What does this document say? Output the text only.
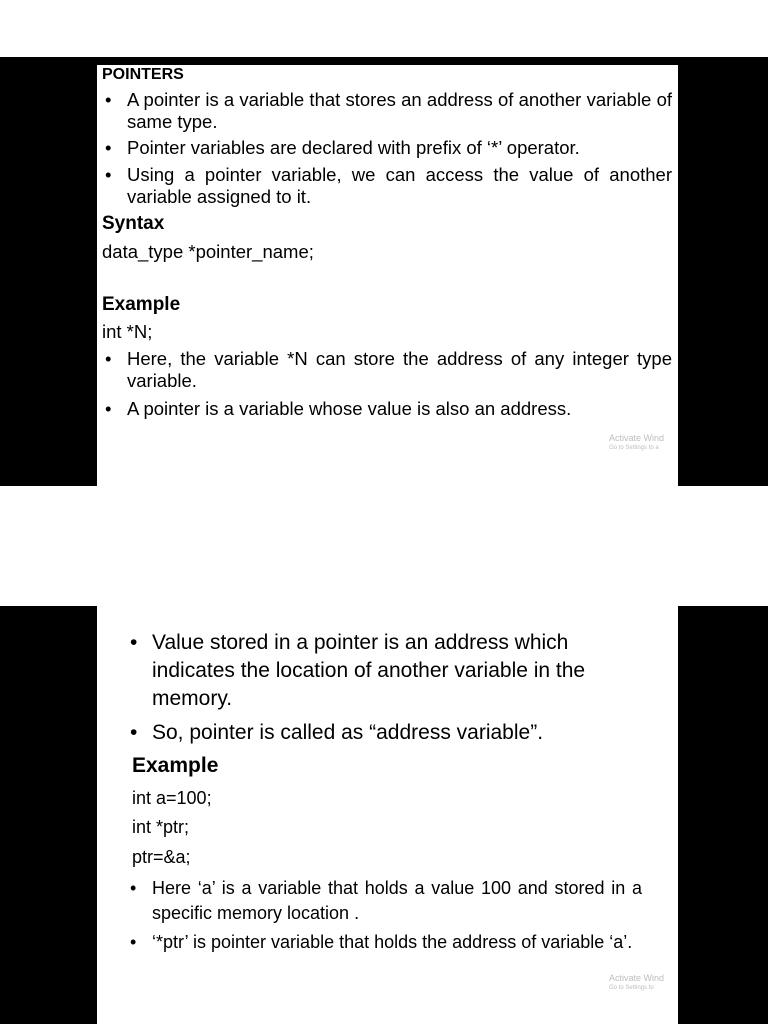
POINTERS
• A pointer is a variable that stores an address of another variable of same type.
• Pointer variables are declared with prefix of ‘*’ operator.
• Using a pointer variable, we can access the value of another variable assigned to it.
Syntax
data_type *pointer_name;
Example
int *N;
• Here, the variable *N can store the address of any integer type variable.
• A pointer is a variable whose value is also an address.
Activate Wind
Go to Settings to a
• Value stored in a pointer is an address which indicates the location of another variable in the memory.
• So, pointer is called as “address variable”.
Example
int a=100;
int *ptr;
ptr=&a;
• Here ‘a’ is a variable that holds a value 100 and stored in a specific memory location .
• ‘*ptr’ is pointer variable that holds the address of variable ‘a’.
Activate Wind
Go to Settings to
